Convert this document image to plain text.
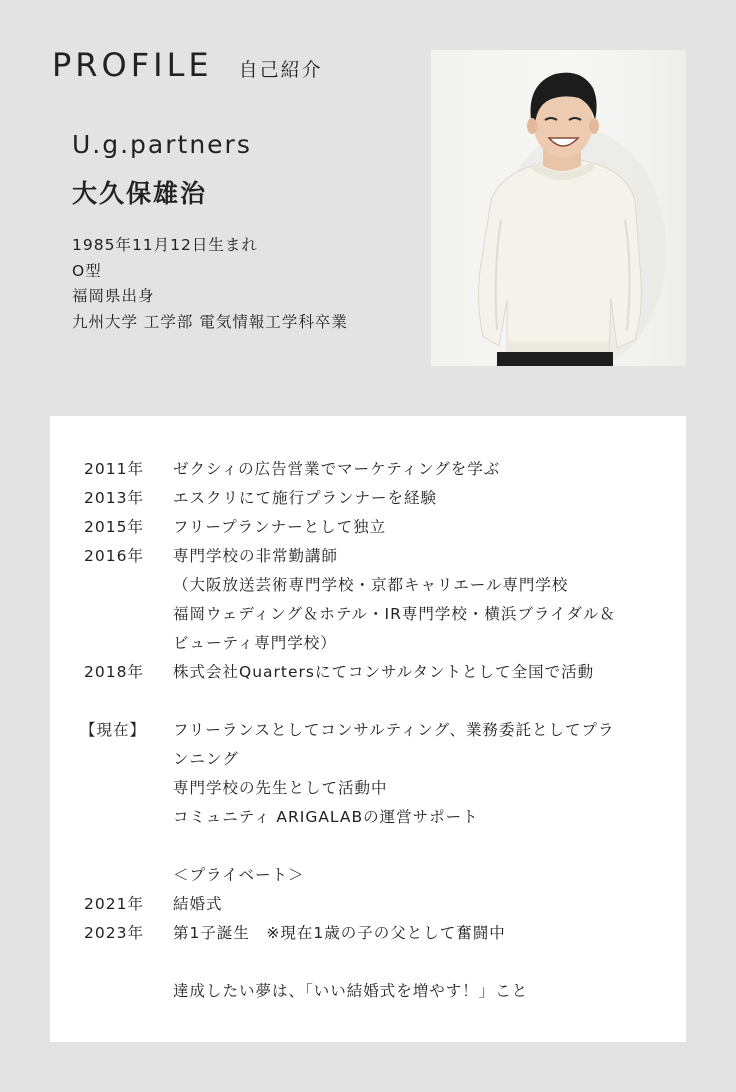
PROFILE 自己紹介
U.g.partners
大久保雄治
1985年11月12日生まれ
O型
福岡県出身
九州大学 工学部 電気情報工学科卒業
2011年	ゼクシィの広告営業でマーケティングを学ぶ
2013年	エスクリにて施行プランナーを経験
2015年	フリープランナーとして独立
2016年	専門学校の非常勤講師
（大阪放送芸術専門学校・京都キャリエール専門学校
福岡ウェディング＆ホテル・IR専門学校・横浜ブライダル＆
ビューティ専門学校）
2018年	株式会社Quartersにてコンサルタントとして全国で活動
【現在】	フリーランスとしてコンサルティング、業務委託としてプラ
ンニング
専門学校の先生として活動中
コミュニティ ARIGALABの運営サポート
＜プライベート＞
2021年	結婚式
2023年	第1子誕生　※現在1歳の子の父として奮闘中
達成したい夢は、「いい結婚式を増やす！」こと
